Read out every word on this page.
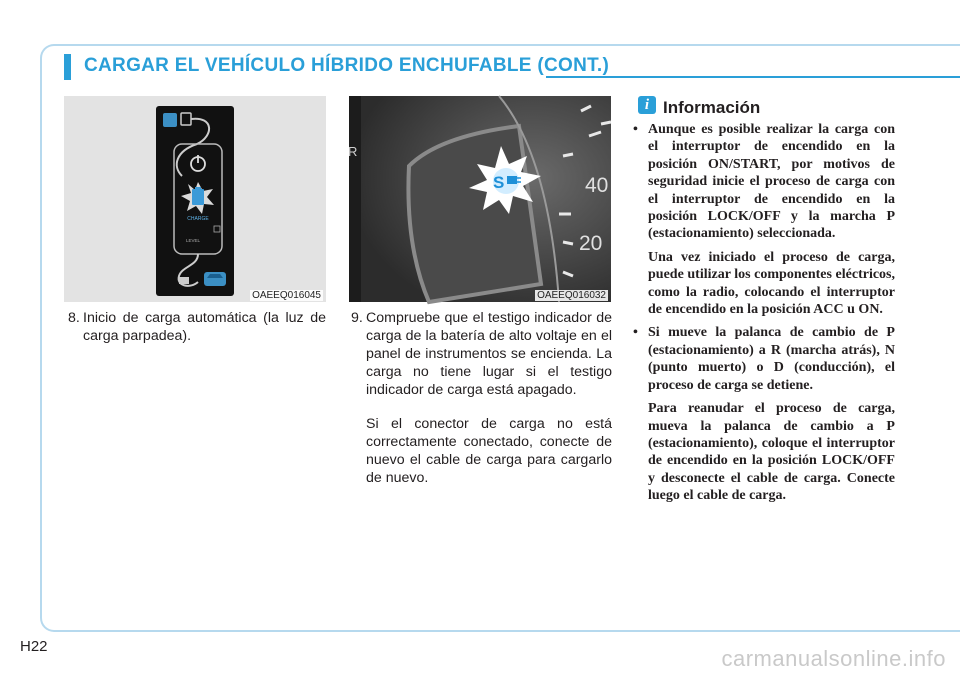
CARGAR EL VEHÍCULO HÍBRIDO ENCHUFABLE (CONT.)
CHARGE
LEVEL
OAEEQ016045
R
40
20
S
OAEEQ016032
8. Inicio de carga automática (la luz de carga parpadea).
9. Compruebe que el testigo indicador de carga de la batería de alto voltaje en el panel de instrumentos se encienda. La carga no tiene lugar si el testigo indicador de carga está apagado.
Si el conector de carga no está correctamente conectado, conecte de nuevo el cable de carga para cargarlo de nuevo.
i Información
• Aunque es posible realizar la carga con el interruptor de encendido en la posición ON/START, por motivos de seguridad inicie el proceso de carga con el interruptor de encendido en la posición LOCK/OFF y la marcha P (estacionamiento) seleccionada.

Una vez iniciado el proceso de carga, puede utilizar los componentes eléctricos, como la radio, colocando el interruptor de encendido en la posición ACC u ON.

• Si mueve la palanca de cambio de P (estacionamiento) a R (marcha atrás), N (punto muerto) o D (conducción), el proceso de carga se detiene.

Para reanudar el proceso de carga, mueva la palanca de cambio a P (estacionamiento), coloque el interruptor de encendido en la posición LOCK/OFF y desconecte el cable de carga. Conecte luego el cable de carga.

H22	carmanualsonline.info
